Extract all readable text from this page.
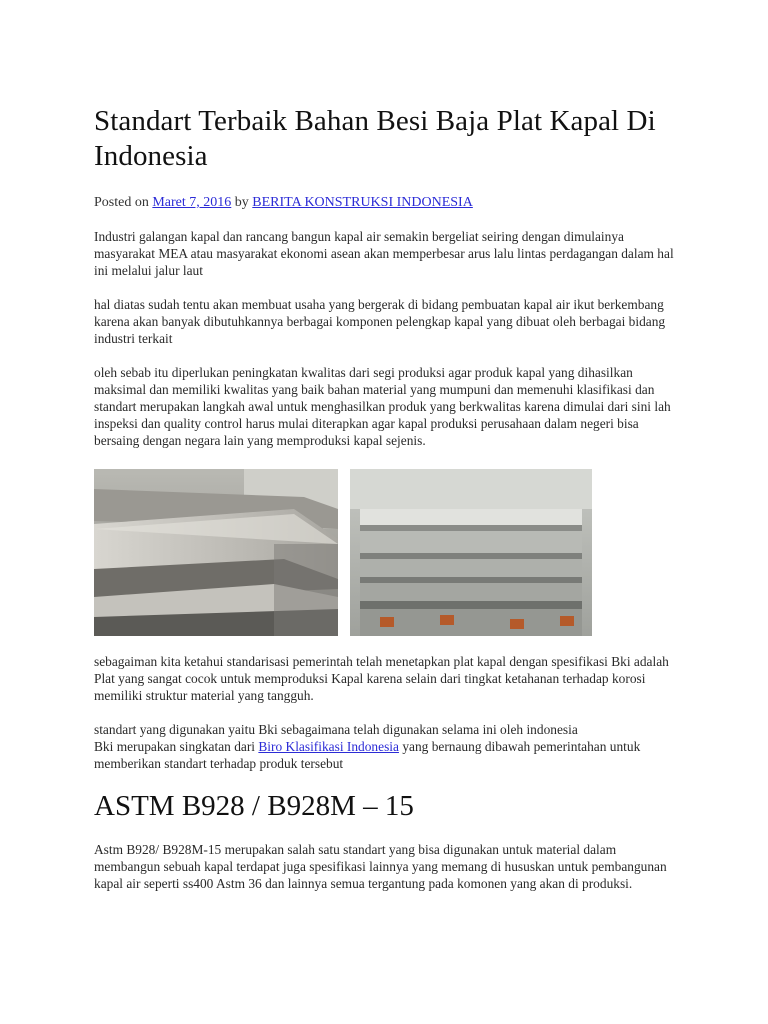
Standart Terbaik Bahan Besi Baja Plat Kapal Di Indonesia
Posted on Maret 7, 2016 by BERITA KONSTRUKSI INDONESIA

Industri galangan kapal dan rancang bangun kapal air semakin bergeliat seiring dengan dimulainya masyarakat MEA atau masyarakat ekonomi asean akan memperbesar arus lalu lintas perdagangan dalam hal ini melalui jalur laut

hal diatas sudah tentu akan membuat usaha yang bergerak di bidang pembuatan kapal air ikut berkembang karena akan banyak dibutuhkannya berbagai komponen pelengkap kapal yang dibuat oleh berbagai bidang industri terkait

oleh sebab itu diperlukan peningkatan kwalitas dari segi produksi agar produk kapal yang dihasilkan maksimal dan memiliki kwalitas yang baik bahan material yang mumpuni dan memenuhi klasifikasi dan standart merupakan langkah awal untuk menghasilkan produk yang berkwalitas karena dimulai dari sini lah inspeksi dan quality control harus mulai diterapkan agar kapal produksi perusahaan dalam negeri bisa bersaing dengan negara lain yang memproduksi kapal sejenis.

sebagaiman kita ketahui standarisasi pemerintah telah menetapkan plat kapal dengan spesifikasi Bki adalah Plat yang sangat cocok untuk memproduksi Kapal karena selain dari tingkat ketahanan terhadap korosi memiliki struktur material yang tangguh.

standart yang digunakan yaitu Bki sebagaimana telah digunakan selama ini oleh indonesia
Bki merupakan singkatan dari Biro Klasifikasi Indonesia yang bernaung dibawah pemerintahan untuk memberikan standart terhadap produk tersebut

ASTM B928 / B928M – 15

Astm B928/ B928M-15 merupakan salah satu standart yang bisa digunakan untuk material dalam membangun sebuah kapal terdapat juga spesifikasi lainnya yang memang di hususkan untuk pembangunan kapal air seperti ss400 Astm 36 dan lainnya semua tergantung pada komonen yang akan di produksi.
